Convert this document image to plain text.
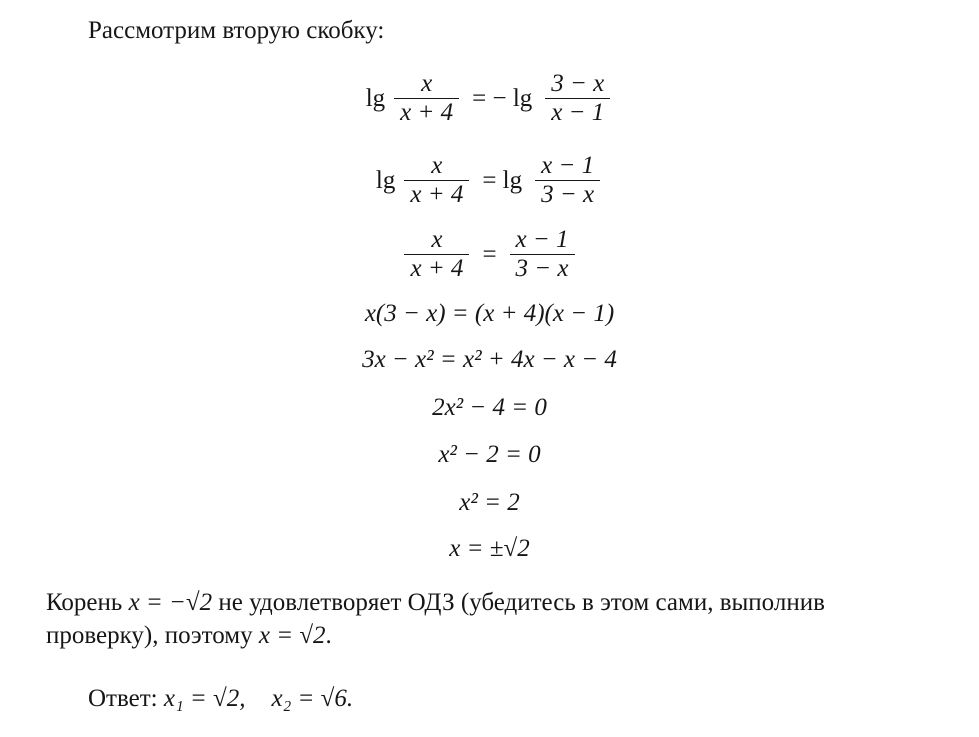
Рассмотрим вторую скобку:
$\lg \frac{x}{x + 4}$ = − $\lg \frac{3 - x}{x - 1}$
$\lg \frac{x}{x + 4} = \lg \frac{x - 1}{3 - x}$
$\frac{x}{x + 4} = \frac{x - 1}{3 - x}$
x(3 − x) = (x + 4)(x − 1)
3x − x² = x² + 4x − x − 4
2x² − 4 = 0
x² − 2 = 0
x² = 2
x = ±√2
Корень x = −√2 не удовлетворяет ОДЗ (убедитесь в этом сами, выполнив
проверку), поэтому x = √2.
Ответ: x₁ = √2, x₂ = √6.
